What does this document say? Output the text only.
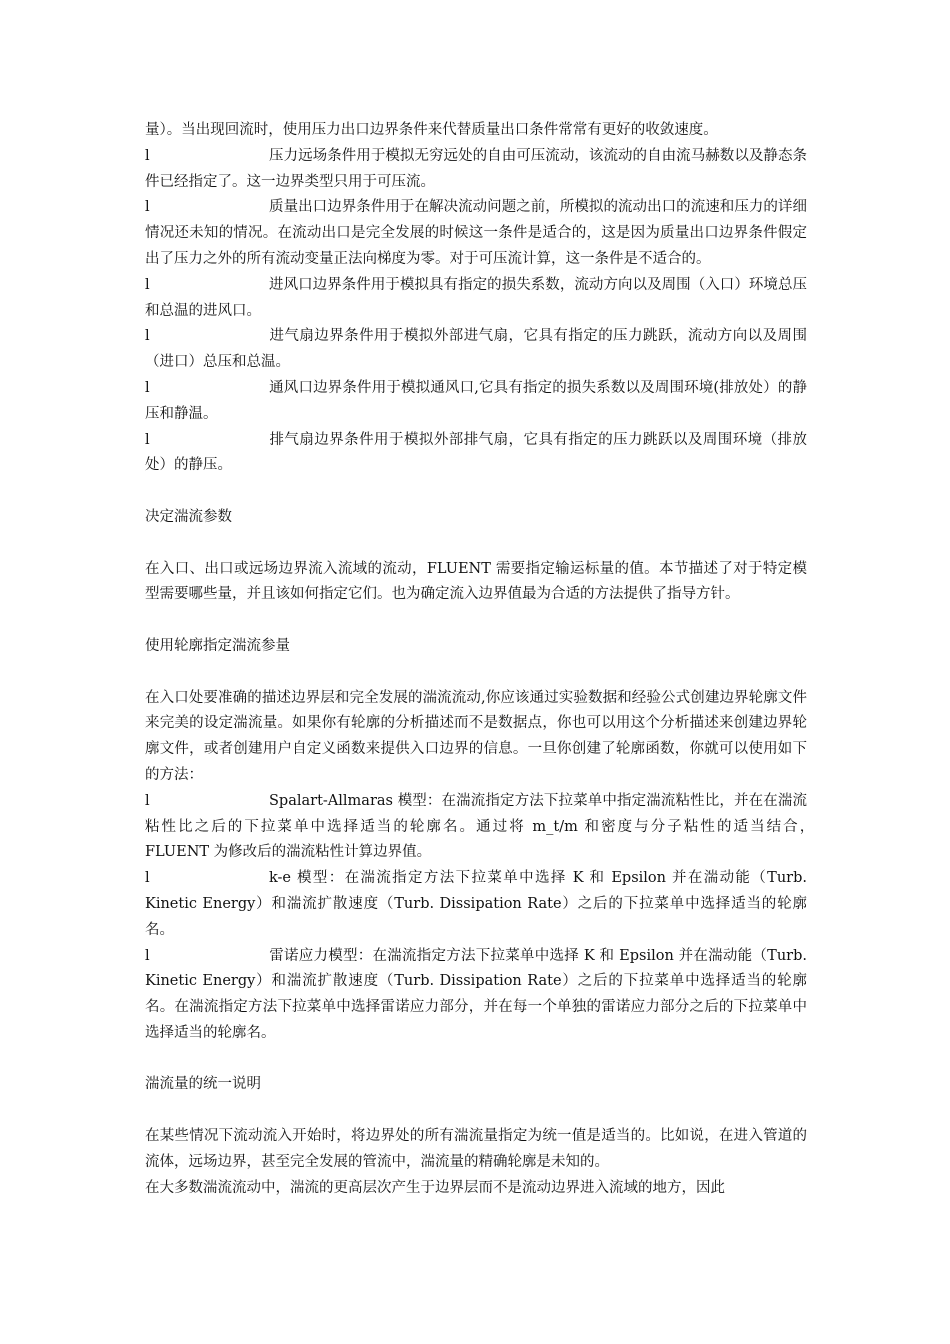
量）。当出现回流时，使用压力出口边界条件来代替质量出口条件常常有更好的收敛速度。

l	压力远场条件用于模拟无穷远处的自由可压流动，该流动的自由流马赫数以及静态条件已经指定了。这一边界类型只用于可压流。

l	质量出口边界条件用于在解决流动问题之前，所模拟的流动出口的流速和压力的详细情况还未知的情况。在流动出口是完全发展的时候这一条件是适合的，这是因为质量出口边界条件假定出了压力之外的所有流动变量正法向梯度为零。对于可压流计算，这一条件是不适合的。

l	进风口边界条件用于模拟具有指定的损失系数，流动方向以及周围（入口）环境总压和总温的进风口。

l	进气扇边界条件用于模拟外部进气扇，它具有指定的压力跳跃，流动方向以及周围（进口）总压和总温。

l	通风口边界条件用于模拟通风口,它具有指定的损失系数以及周围环境(排放处）的静压和静温。

l	排气扇边界条件用于模拟外部排气扇，它具有指定的压力跳跃以及周围环境（排放处）的静压。

决定湍流参数

在入口、出口或远场边界流入流域的流动，FLUENT 需要指定输运标量的值。本节描述了对于特定模型需要哪些量，并且该如何指定它们。也为确定流入边界值最为合适的方法提供了指导方针。

使用轮廓指定湍流参量

在入口处要准确的描述边界层和完全发展的湍流流动,你应该通过实验数据和经验公式创建边界轮廓文件来完美的设定湍流量。如果你有轮廓的分析描述而不是数据点，你也可以用这个分析描述来创建边界轮廓文件，或者创建用户自定义函数来提供入口边界的信息。一旦你创建了轮廓函数，你就可以使用如下的方法：

l	Spalart-Allmaras 模型：在湍流指定方法下拉菜单中指定湍流粘性比，并在在湍流粘性比之后的下拉菜单中选择适当的轮廓名。通过将 m_t/m 和密度与分子粘性的适当结合，　FLUENT 为修改后的湍流粘性计算边界值。

l	k-e 模型：在湍流指定方法下拉菜单中选择 K 和 Epsilon 并在湍动能（Turb. Kinetic Energy）和湍流扩散速度（Turb. Dissipation Rate）之后的下拉菜单中选择适当的轮廓名。

l	雷诺应力模型：在湍流指定方法下拉菜单中选择 K 和 Epsilon 并在湍动能（Turb. Kinetic Energy）和湍流扩散速度（Turb. Dissipation Rate）之后的下拉菜单中选择适当的轮廓名。在湍流指定方法下拉菜单中选择雷诺应力部分，并在每一个单独的雷诺应力部分之后的下拉菜单中选择适当的轮廓名。

湍流量的统一说明

在某些情况下流动流入开始时，将边界处的所有湍流量指定为统一值是适当的。比如说，在进入管道的流体，远场边界，甚至完全发展的管流中，湍流量的精确轮廓是未知的。

在大多数湍流流动中，湍流的更高层次产生于边界层而不是流动边界进入流域的地方，因此
